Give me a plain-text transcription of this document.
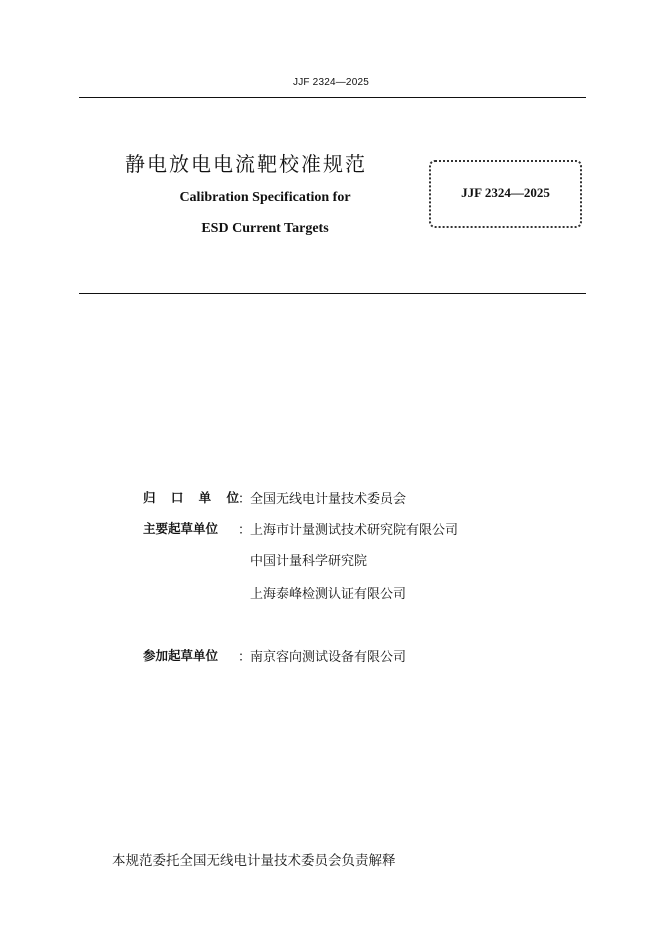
JJF 2324—2025
静电放电电流靶校准规范
Calibration Specification for
ESD Current Targets
JJF 2324—2025
归 口 单 位 ：
全国无线电计量技术委员会
主要起草单位	：
上海市计量测试技术研究院有限公司
中国计量科学研究院
上海泰峰检测认证有限公司
参加起草单位	：
南京容向测试设备有限公司
本规范委托全国无线电计量技术委员会负责解释
